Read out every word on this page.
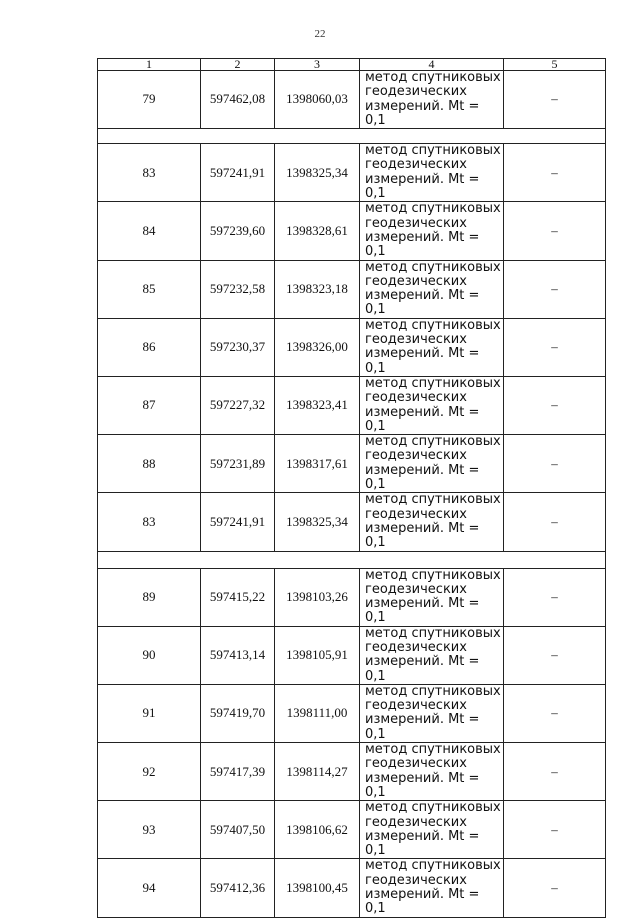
22
1	2	3	4	5
79	597462,08	1398060,03	метод спутниковых
геодезических
измерений. Mt = 0,1	–

83	597241,91	1398325,34	метод спутниковых
геодезических
измерений. Mt = 0,1	–
84	597239,60	1398328,61	метод спутниковых
геодезических
измерений. Mt = 0,1	–
85	597232,58	1398323,18	метод спутниковых
геодезических
измерений. Mt = 0,1	–
86	597230,37	1398326,00	метод спутниковых
геодезических
измерений. Mt = 0,1	–
87	597227,32	1398323,41	метод спутниковых
геодезических
измерений. Mt = 0,1	–
88	597231,89	1398317,61	метод спутниковых
геодезических
измерений. Mt = 0,1	–
83	597241,91	1398325,34	метод спутниковых
геодезических
измерений. Mt = 0,1	–

89	597415,22	1398103,26	метод спутниковых
геодезических
измерений. Mt = 0,1	–
90	597413,14	1398105,91	метод спутниковых
геодезических
измерений. Mt = 0,1	–
91	597419,70	1398111,00	метод спутниковых
геодезических
измерений. Mt = 0,1	–
92	597417,39	1398114,27	метод спутниковых
геодезических
измерений. Mt = 0,1	–
93	597407,50	1398106,62	метод спутниковых
геодезических
измерений. Mt = 0,1	–
94	597412,36	1398100,45	метод спутниковых
геодезических
измерений. Mt = 0,1	–
